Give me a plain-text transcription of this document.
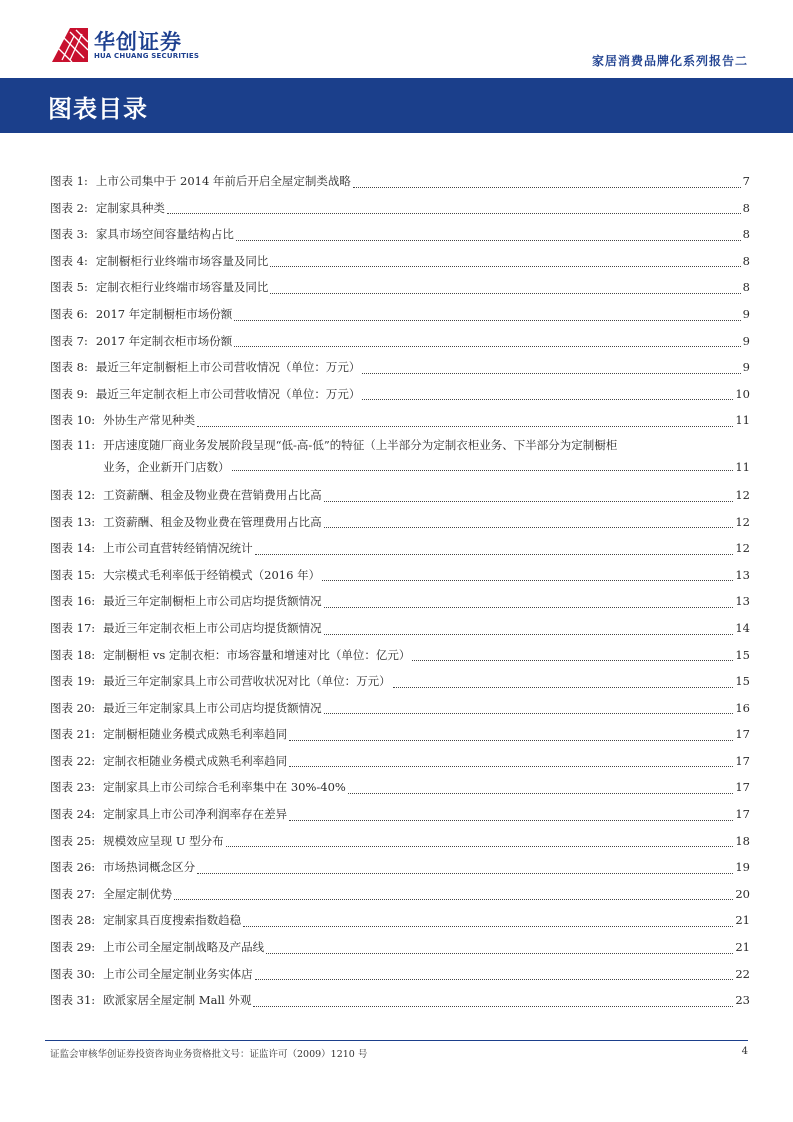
华创证券
HUA CHUANG SECURITIES	家居消费品牌化系列报告二
图表目录
图表 1: 上市公司集中于 2014 年前后开启全屋定制类战略	7
图表 2: 定制家具种类	8
图表 3: 家具市场空间容量结构占比	8
图表 4: 定制橱柜行业终端市场容量及同比	8
图表 5: 定制衣柜行业终端市场容量及同比	8
图表 6: 2017 年定制橱柜市场份额	9
图表 7: 2017 年定制衣柜市场份额	9
图表 8: 最近三年定制橱柜上市公司营收情况（单位：万元）	9
图表 9: 最近三年定制衣柜上市公司营收情况（单位：万元）	10
图表 10: 外协生产常见种类	11
图表 11: 开店速度随厂商业务发展阶段呈现“低-高-低”的特征（上半部分为定制衣柜业务、下半部分为定制橱柜
业务，企业新开门店数）	11
图表 12: 工资薪酬、租金及物业费在营销费用占比高	12
图表 13: 工资薪酬、租金及物业费在管理费用占比高	12
图表 14: 上市公司直营转经销情况统计	12
图表 15: 大宗模式毛利率低于经销模式（2016 年）	13
图表 16: 最近三年定制橱柜上市公司店均提货额情况	13
图表 17: 最近三年定制衣柜上市公司店均提货额情况	14
图表 18: 定制橱柜 vs 定制衣柜：市场容量和增速对比（单位：亿元）	15
图表 19: 最近三年定制家具上市公司营收状况对比（单位：万元）	15
图表 20: 最近三年定制家具上市公司店均提货额情况	16
图表 21: 定制橱柜随业务模式成熟毛利率趋同	17
图表 22: 定制衣柜随业务模式成熟毛利率趋同	17
图表 23: 定制家具上市公司综合毛利率集中在 30%-40%	17
图表 24: 定制家具上市公司净利润率存在差异	17
图表 25: 规模效应呈现 U 型分布	18
图表 26: 市场热词概念区分	19
图表 27: 全屋定制优势	20
图表 28: 定制家具百度搜索指数趋稳	21
图表 29: 上市公司全屋定制战略及产品线	21
图表 30: 上市公司全屋定制业务实体店	22
图表 31: 欧派家居全屋定制 Mall 外观	23
证监会审核华创证券投资咨询业务资格批文号：证监许可（2009）1210 号	4
